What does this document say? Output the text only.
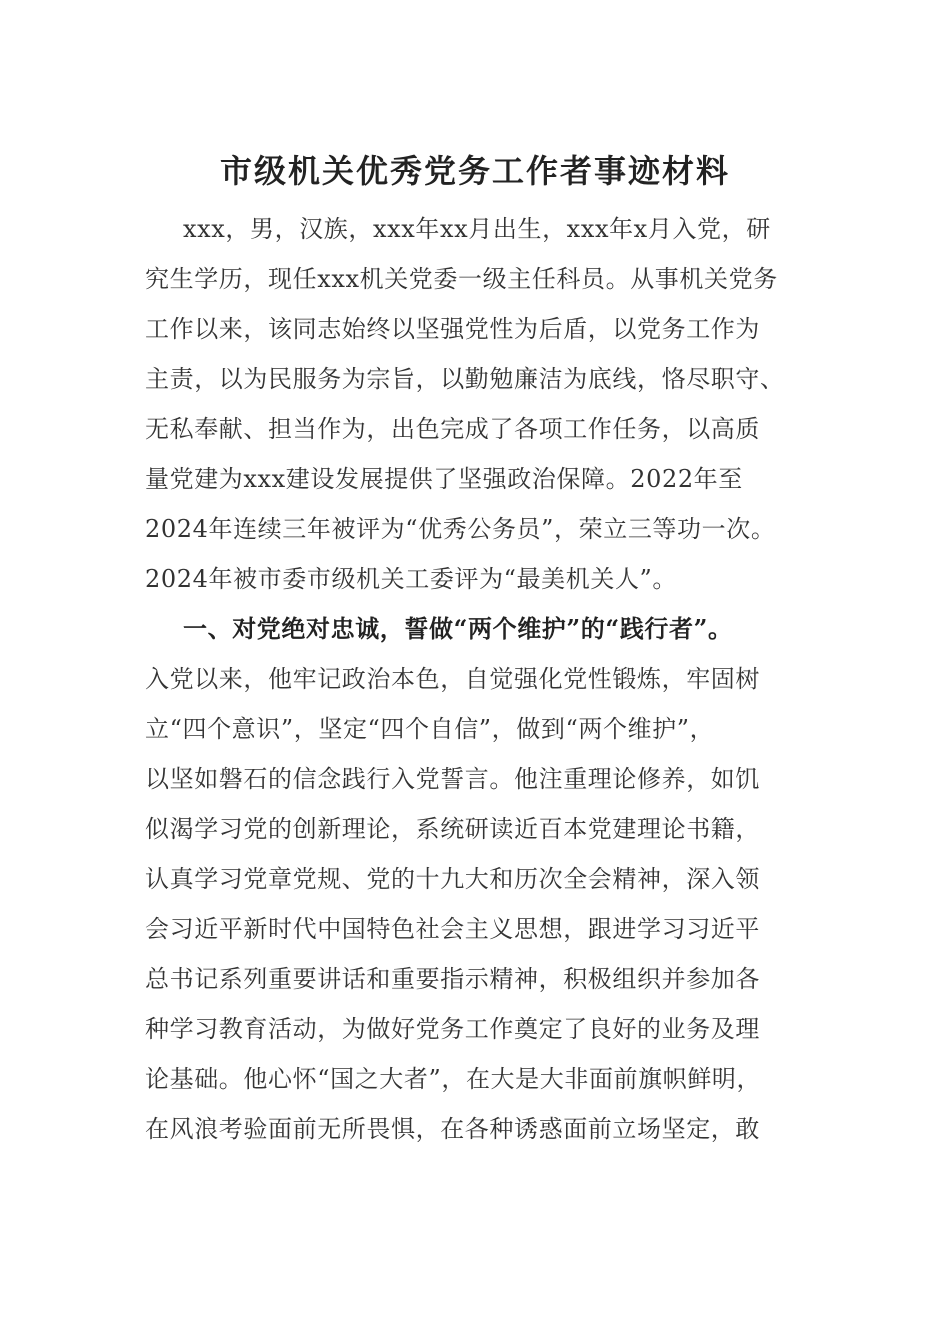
市级机关优秀党务工作者事迹材料
xxx，男，汉族，xxx年xx月出生，xxx年x月入党，研
究生学历，现任xxx机关党委一级主任科员。从事机关党务
工作以来，该同志始终以坚强党性为后盾，以党务工作为
主责，以为民服务为宗旨，以勤勉廉洁为底线，恪尽职守、
无私奉献、担当作为，出色完成了各项工作任务，以高质
量党建为xxx建设发展提供了坚强政治保障。2022年至
2024年连续三年被评为“优秀公务员”，荣立三等功一次。
2024年被市委市级机关工委评为“最美机关人”。
一、对党绝对忠诚，誓做“两个维护”的“践行者”。
入党以来，他牢记政治本色，自觉强化党性锻炼，牢固树
立“四个意识”，坚定“四个自信”，做到“两个维护”，
以坚如磐石的信念践行入党誓言。他注重理论修养，如饥
似渴学习党的创新理论，系统研读近百本党建理论书籍，
认真学习党章党规、党的十九大和历次全会精神，深入领
会习近平新时代中国特色社会主义思想，跟进学习习近平
总书记系列重要讲话和重要指示精神，积极组织并参加各
种学习教育活动，为做好党务工作奠定了良好的业务及理
论基础。他心怀“国之大者”，在大是大非面前旗帜鲜明，
在风浪考验面前无所畏惧，在各种诱惑面前立场坚定，敢
